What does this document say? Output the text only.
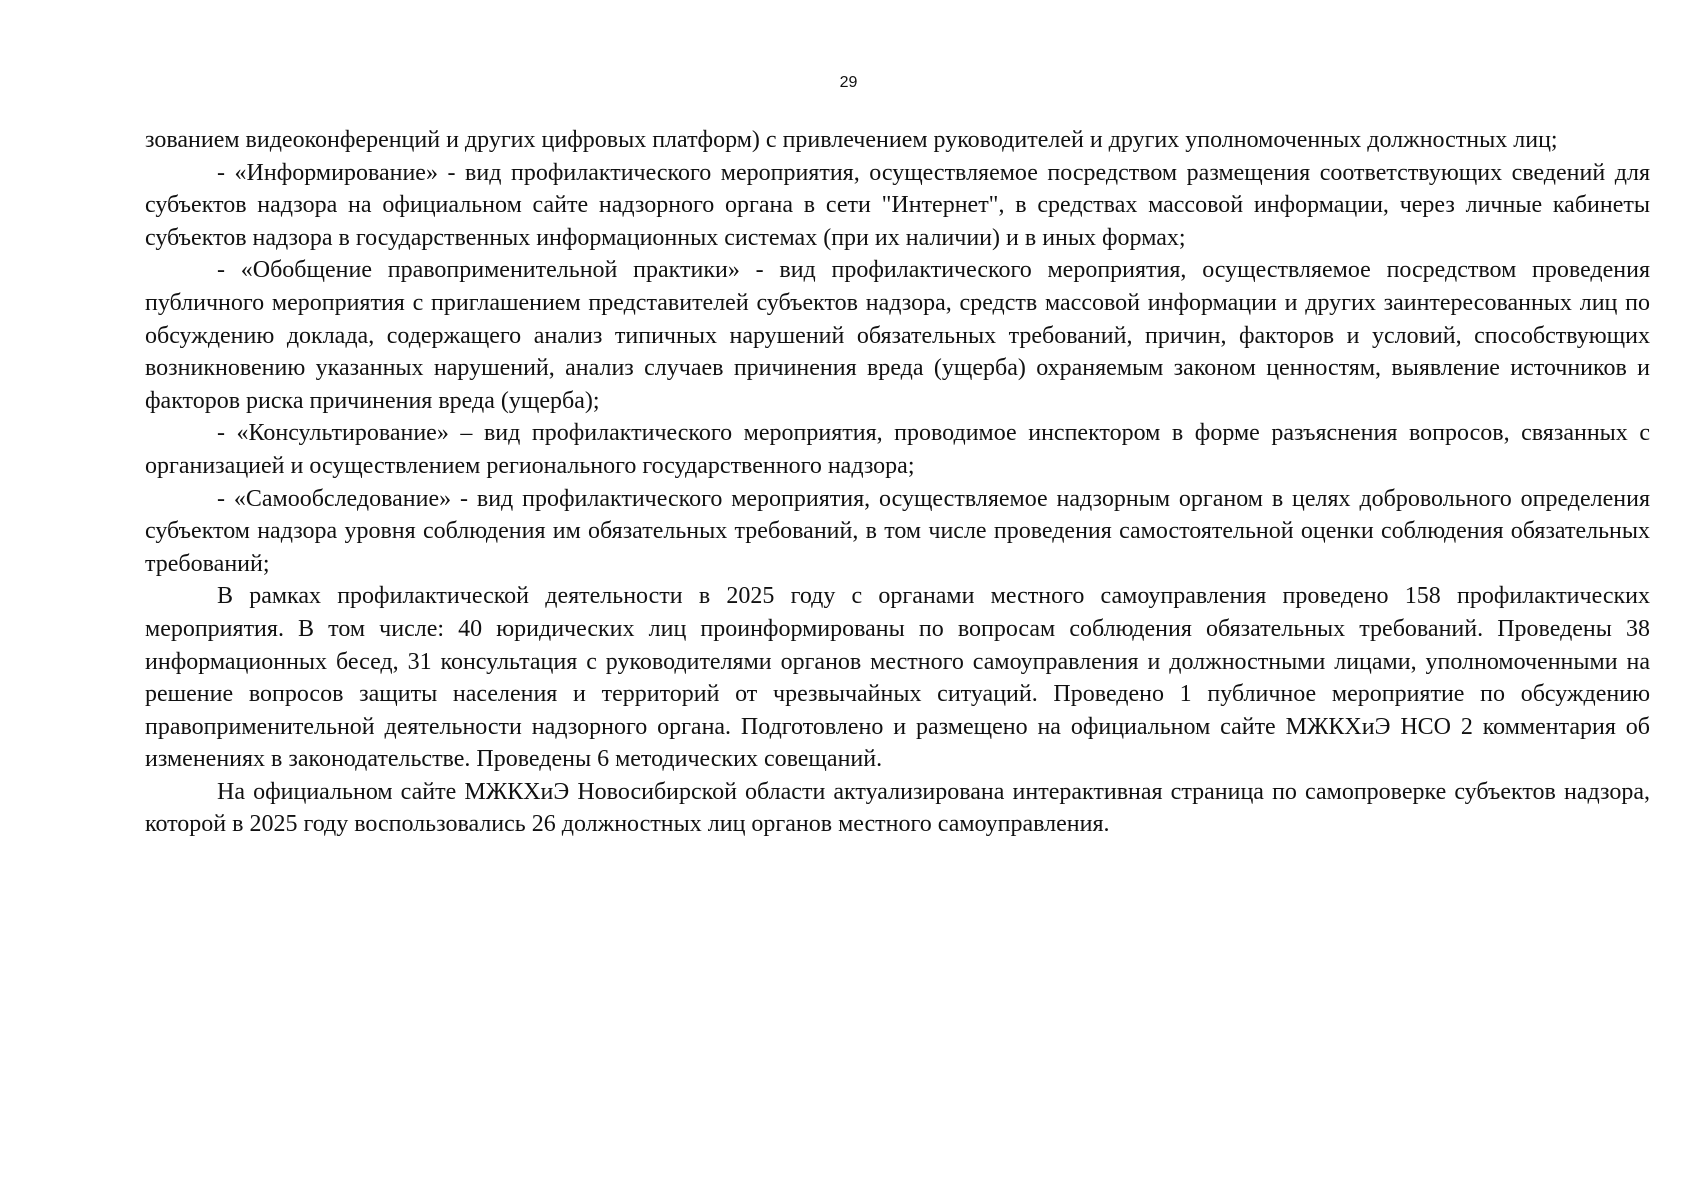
29

зованием видеоконференций и других цифровых платформ) с привлечением руководителей и других уполномоченных должностных лиц;

- «Информирование» - вид профилактического мероприятия, осуществляемое посредством размещения соответствующих сведений для субъектов надзора на официальном сайте надзорного органа в сети "Интернет", в средствах массовой информации, через личные кабинеты субъектов надзора в государственных информационных системах (при их наличии) и в иных формах;

- «Обобщение правоприменительной практики» - вид профилактического мероприятия, осуществляемое посредством проведения публичного мероприятия с приглашением представителей субъектов надзора, средств массовой информации и других заинтересованных лиц по обсуждению доклада, содержащего анализ типичных нарушений обязательных требований, причин, факторов и условий, способствующих возникновению указанных нарушений, анализ случаев причинения вреда (ущерба) охраняемым законом ценностям, выявление источников и факторов риска причинения вреда (ущерба);

- «Консультирование» – вид профилактического мероприятия, проводимое инспектором в форме разъяснения вопросов, связанных с организацией и осуществлением регионального государственного надзора;

- «Самообследование» - вид профилактического мероприятия, осуществляемое надзорным органом в целях добровольного определения субъектом надзора уровня соблюдения им обязательных требований, в том числе проведения самостоятельной оценки соблюдения обязательных требований;

В рамках профилактической деятельности в 2025 году с органами местного самоуправления проведено 158 профилактических мероприятия. В том числе: 40 юридических лиц проинформированы по вопросам соблюдения обязательных требований. Проведены 38 информационных бесед, 31 консультация с руководителями органов местного самоуправления и должностными лицами, уполномоченными на решение вопросов защиты населения и территорий от чрезвычайных ситуаций. Проведено 1 публичное мероприятие по обсуждению правоприменительной деятельности надзорного органа. Подготовлено и размещено на официальном сайте МЖКХиЭ НСО 2 комментария об изменениях в законодательстве. Проведены 6 методических совещаний.

На официальном сайте МЖКХиЭ Новосибирской области актуализирована интерактивная страница по самопроверке субъектов надзора, которой в 2025 году воспользовались 26 должностных лиц органов местного самоуправления.
